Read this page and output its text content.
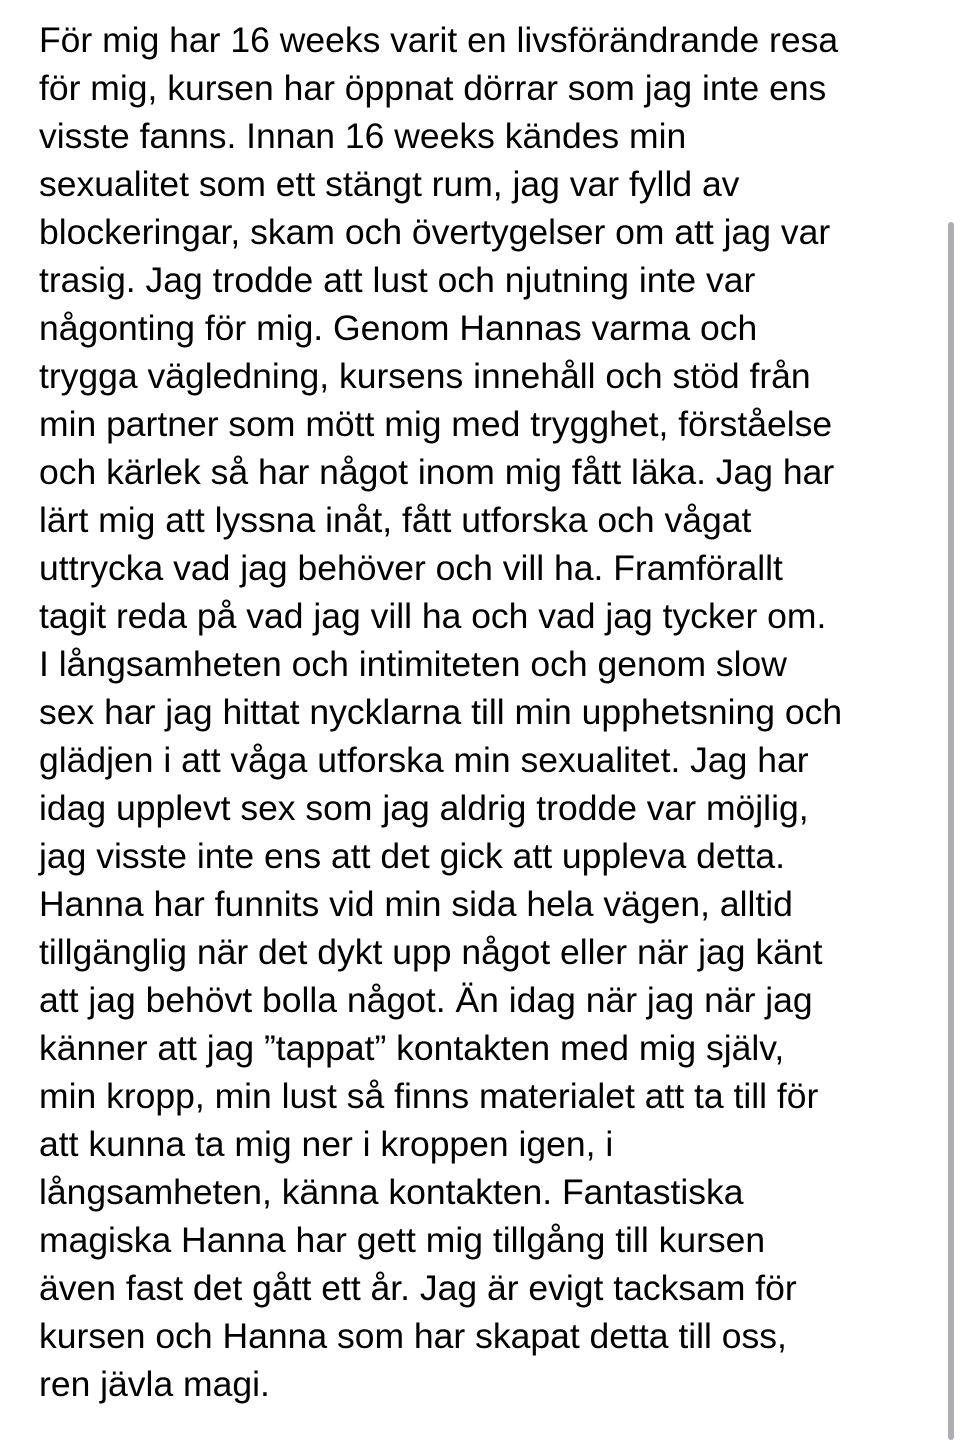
För mig har 16 weeks varit en livsförändrande resa
för mig, kursen har öppnat dörrar som jag inte ens
visste fanns. Innan 16 weeks kändes min
sexualitet som ett stängt rum, jag var fylld av
blockeringar, skam och övertygelser om att jag var
trasig. Jag trodde att lust och njutning inte var
någonting för mig. Genom Hannas varma och
trygga vägledning, kursens innehåll och stöd från
min partner som mött mig med trygghet, förståelse
och kärlek så har något inom mig fått läka. Jag har
lärt mig att lyssna inåt, fått utforska och vågat
uttrycka vad jag behöver och vill ha. Framförallt
tagit reda på vad jag vill ha och vad jag tycker om.
I långsamheten och intimiteten och genom slow
sex har jag hittat nycklarna till min upphetsning och
glädjen i att våga utforska min sexualitet. Jag har
idag upplevt sex som jag aldrig trodde var möjlig,
jag visste inte ens att det gick att uppleva detta.
Hanna har funnits vid min sida hela vägen, alltid
tillgänglig när det dykt upp något eller när jag känt
att jag behövt bolla något. Än idag när jag när jag
känner att jag ”tappat” kontakten med mig själv,
min kropp, min lust så finns materialet att ta till för
att kunna ta mig ner i kroppen igen, i
långsamheten, känna kontakten. Fantastiska
magiska Hanna har gett mig tillgång till kursen
även fast det gått ett år. Jag är evigt tacksam för
kursen och Hanna som har skapat detta till oss,
ren jävla magi.
